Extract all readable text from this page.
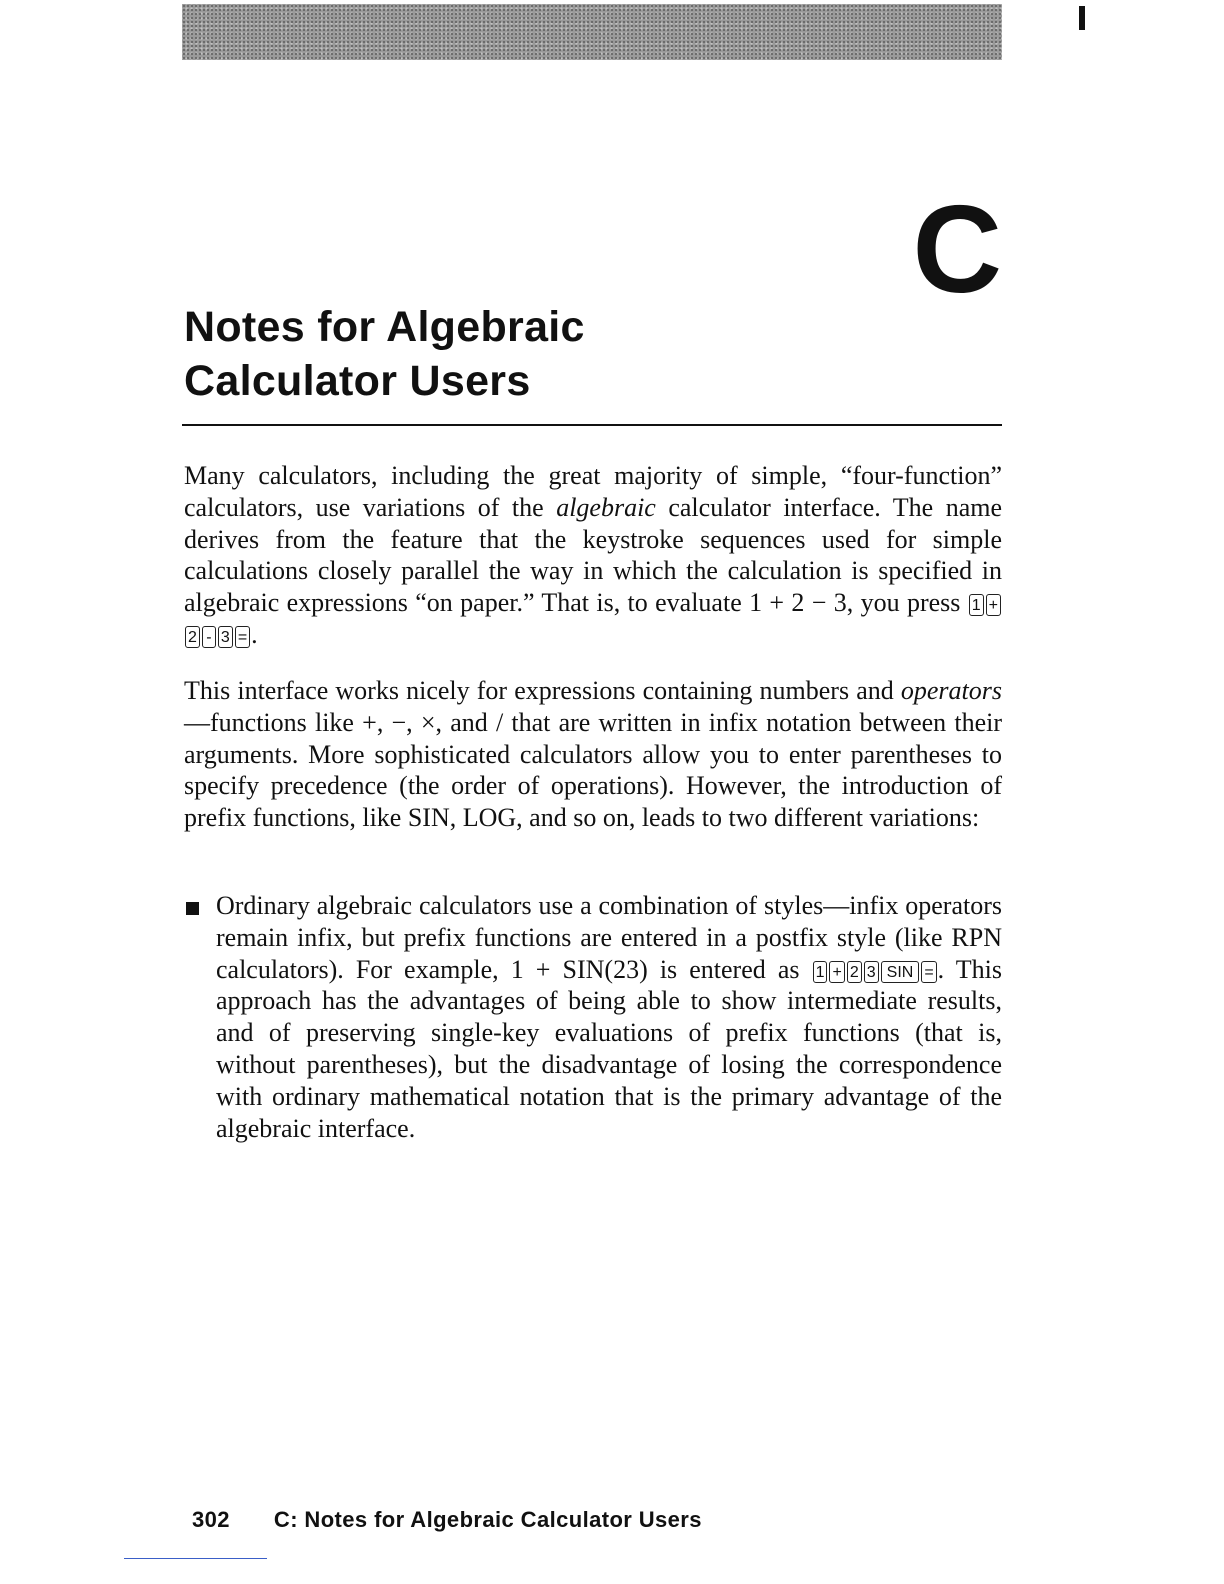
C
Notes for Algebraic
Calculator Users

Many calculators, including the great majority of simple, “four-function” calculators, use variations of the algebraic calculator interface. The name derives from the feature that the keystroke sequences used for simple calculations closely parallel the way in which the calculation is specified in algebraic expressions “on paper.” That is, to evaluate 1 + 2 − 3, you press 1 +2 - 3 = .

This interface works nicely for expressions containing numbers and operators—functions like +, −, ×, and / that are written in infix notation between their arguments. More sophisticated calculators allow you to enter parentheses to specify precedence (the order of operations). However, the introduction of prefix functions, like SIN, LOG, and so on, leads to two different variations:

Ordinary algebraic calculators use a combination of styles—infix operators remain infix, but prefix functions are entered in a postfix style (like RPN calculators). For example, 1 + SIN(23) is entered as 1 + 2 3 SIN = . This approach has the advantages of being able to show intermediate results, and of preserving single-key evaluations of prefix functions (that is, without parentheses), but the disadvantage of losing the correspondence with ordinary mathematical notation that is the primary advantage of the algebraic interface.
302 C: Notes for Algebraic Calculator Users
